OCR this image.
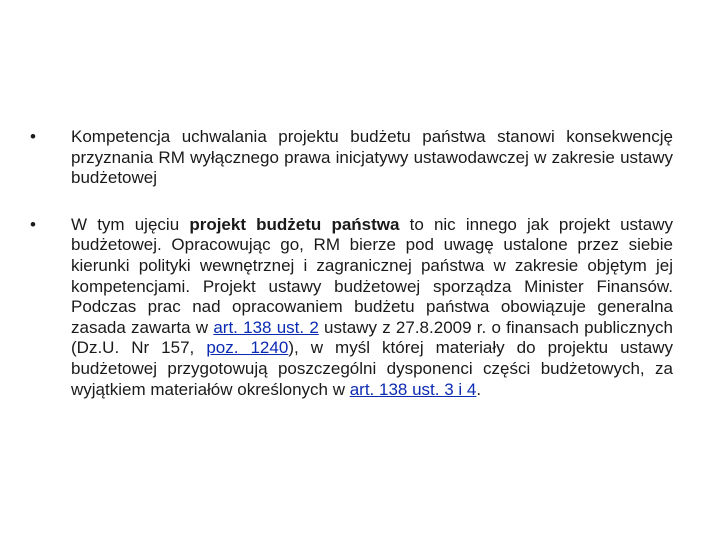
•	Kompetencja uchwalania projektu budżetu państwa stanowi konsekwencję przyznania RM wyłącznego prawa inicjatywy ustawodawczej w zakresie ustawy budżetowej
•	W tym ujęciu projekt budżetu państwa to nic innego jak projekt ustawy budżetowej. Opracowując go, RM bierze pod uwagę ustalone przez siebie kierunki polityki wewnętrznej i zagranicznej państwa w zakresie objętym jej kompetencjami. Projekt ustawy budżetowej sporządza Minister Finansów. Podczas prac nad opracowaniem budżetu państwa obowiązuje generalna zasada zawarta w art. 138 ust. 2 ustawy z 27.8.2009 r. o finansach publicznych (Dz.U. Nr 157, poz. 1240), w myśl której materiały do projektu ustawy budżetowej przygotowują poszczególni dysponenci części budżetowych, za wyjątkiem materiałów określonych w art. 138 ust. 3 i 4.
